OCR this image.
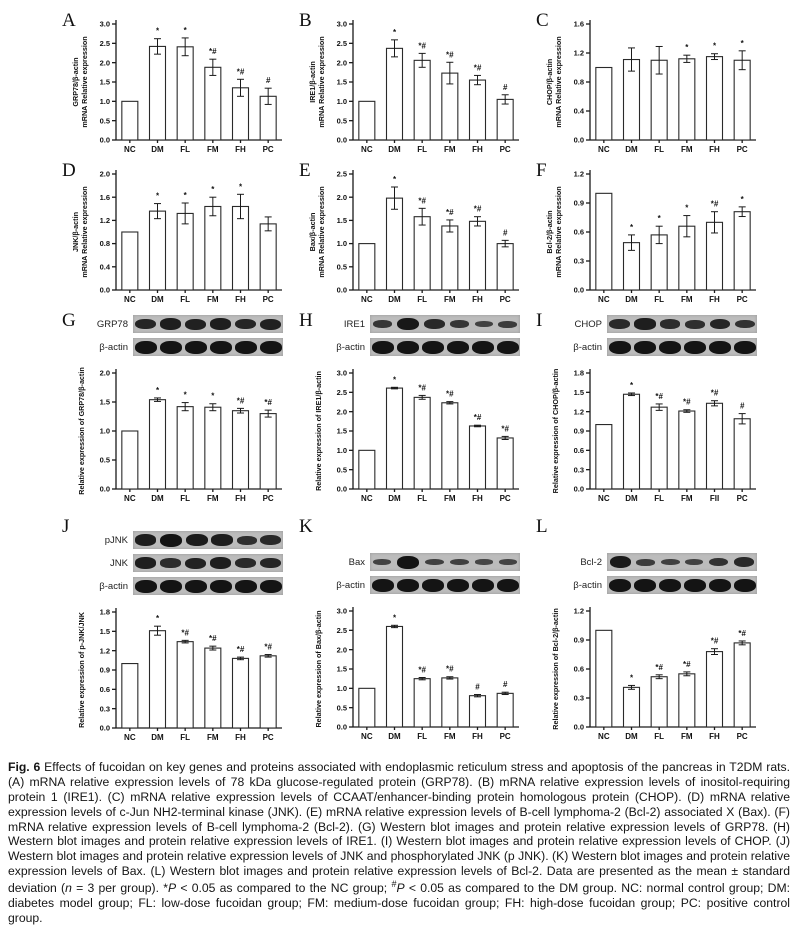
A
0.0
0.5
1.0
1.5
2.0
2.5
3.0
NC
*
DM
*
FL
*#
FM
*#
FH
#
PC
GRP78/β-actin mRNA Relative expression
B
0.0
0.5
1.0
1.5
2.0
2.5
3.0
NC
*
DM
*#
FL
*#
FM
*#
FH
#
PC
IRE1/β-actin mRNA Relative expression
C
0.0
0.4
0.8
1.2
1.6
NC DM FL
*
FM
*
FH
*
PC
CHOP/β-actin mRNA Relative expression
D
0.0
0.4
0.8
1.2
1.6
2.0
NC
*
DM
*
FL
*
FM
*
FH PC
JNK/β-actin mRNA Relative expression
E
0.0
0.5
1.0
1.5
2.0
2.5
NC
*
DM
*#
FL
*#
FM
*#
FH
#
PC
Bax/β-actin mRNA Relative expression
F
0.0
0.3
0.6
0.9
1.2
NC
*
DM
*
FL
*
FM
*#
FH
*
PC
Bcl-2/β-actin mRNA Relative expression
G	GRP78
β-actin
0.0
0.5
1.0
1.5
2.0
NC
*
DM
*
FL
*
FM
*#
FH
*#
PC
Relative expression of GRP78/β-actin
H	IRE1
β-actin
0.0
0.5
1.0
1.5
2.0
2.5
3.0
NC
*
DM
*#
FL
*#
FM
*#
FH
*#
PC
Relative expression of IRE1/β-actin
I	CHOP
β-actin
0.0
0.3
0.6
0.9
1.2
1.5
1.8
NC
*
DM
*#
FL
*#
FM
*#
FII
#
PC
Relative expression of CHOP/β-actin
J
pJNK
JNK
β-actin
0.0
0.3
0.6
0.9
1.2
1.5
1.8
NC
*
DM
*#
FL
*#
FM
*#
FH
*#
PC
Relative expression of p-JNK/JNK
K
Bax
β-actin
0.0
0.5
1.0
1.5
2.0
2.5
3.0
NC
*
DM
*#
FL
*#
FM
#
FH
#
PC
Relative expression of Bax/β-actin
L
Bcl-2
β-actin
0.0
0.3
0.6
0.9
1.2
NC
*
DM
*#
FL
*#
FM
*#
FH
*#
PC
Relative expression of Bcl-2/β-actin
Fig. 6 Effects of fucoidan on key genes and proteins associated with endoplasmic reticulum stress and apoptosis of the pancreas in T2DM rats. (A) mRNA relative expression levels of 78 kDa glucose-regulated protein (GRP78). (B) mRNA relative expression levels of inositol-requiring protein 1 (IRE1). (C) mRNA relative expression levels of CCAAT/enhancer-binding protein homologous protein (CHOP). (D) mRNA relative expression levels of c-Jun NH2-terminal kinase (JNK). (E) mRNA relative expression levels of B-cell lymphoma-2 (Bcl-2) associated X (Bax). (F) mRNA relative expression levels of B-cell lymphoma-2 (Bcl-2). (G) Western blot images and protein relative expression levels of GRP78. (H) Western blot images and protein relative expression levels of IRE1. (I) Western blot images and protein relative expression levels of CHOP. (J) Western blot images and protein relative expression levels of JNK and phosphorylated JNK (p JNK). (K) Western blot images and protein relative expression levels of Bax. (L) Western blot images and protein relative expression levels of Bcl-2. Data are presented as the mean ± standard deviation (n = 3 per group). *P < 0.05 as compared to the NC group; #P < 0.05 as compared to the DM group. NC: normal control group; DM: diabetes model group; FL: low-dose fucoidan group; FM: medium-dose fucoidan group; FH: high-dose fucoidan group; PC: positive control group.
